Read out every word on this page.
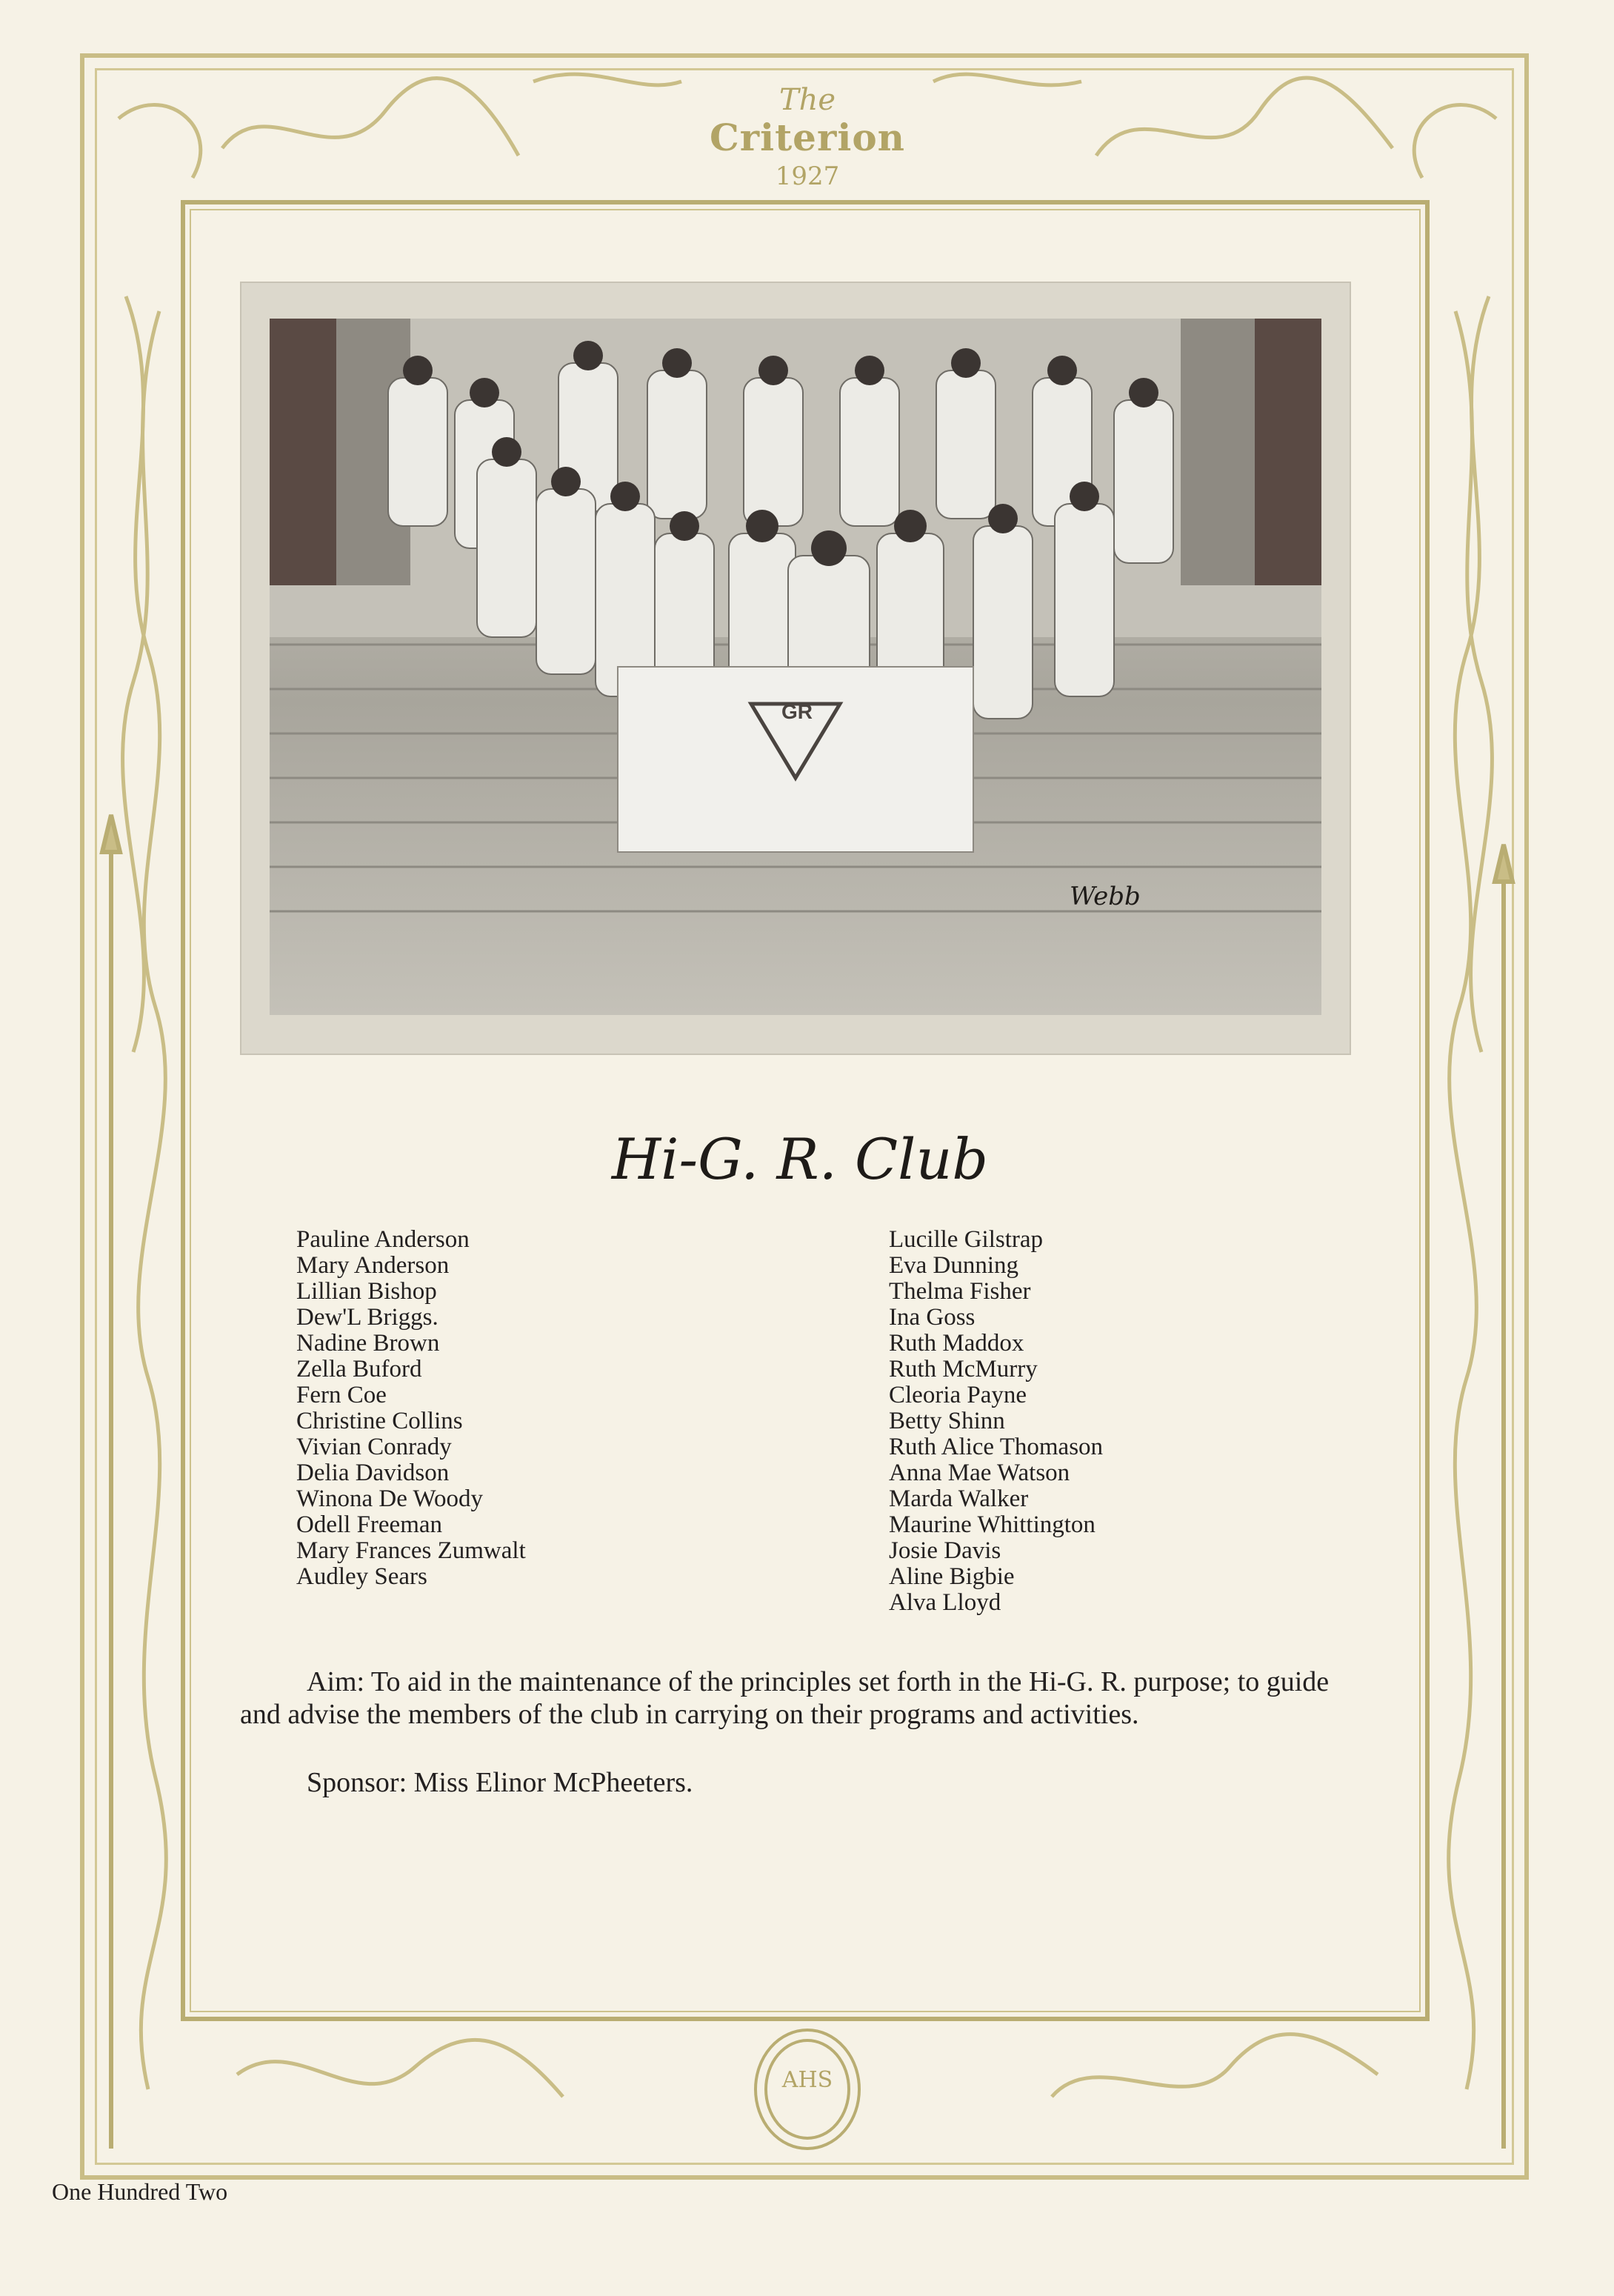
The
Criterion
1927
GR
Webb
Hi-G. R. Club
Pauline Anderson
Mary Anderson
Lillian Bishop
Dew'L Briggs.
Nadine Brown
Zella Buford
Fern Coe
Christine Collins
Vivian Conrady
Delia Davidson
Winona De Woody
Odell Freeman
Mary Frances Zumwalt
Audley Sears
Lucille Gilstrap
Eva Dunning
Thelma Fisher
Ina Goss
Ruth Maddox
Ruth McMurry
Cleoria Payne
Betty Shinn
Ruth Alice Thomason
Anna Mae Watson
Marda Walker
Maurine Whittington
Josie Davis
Aline Bigbie
Alva Lloyd
Aim: To aid in the maintenance of the principles set forth in the Hi-G. R. purpose; to guide and advise the members of the club in carrying on their programs and activities.
Sponsor: Miss Elinor McPheeters.
AHS
One Hundred Two
